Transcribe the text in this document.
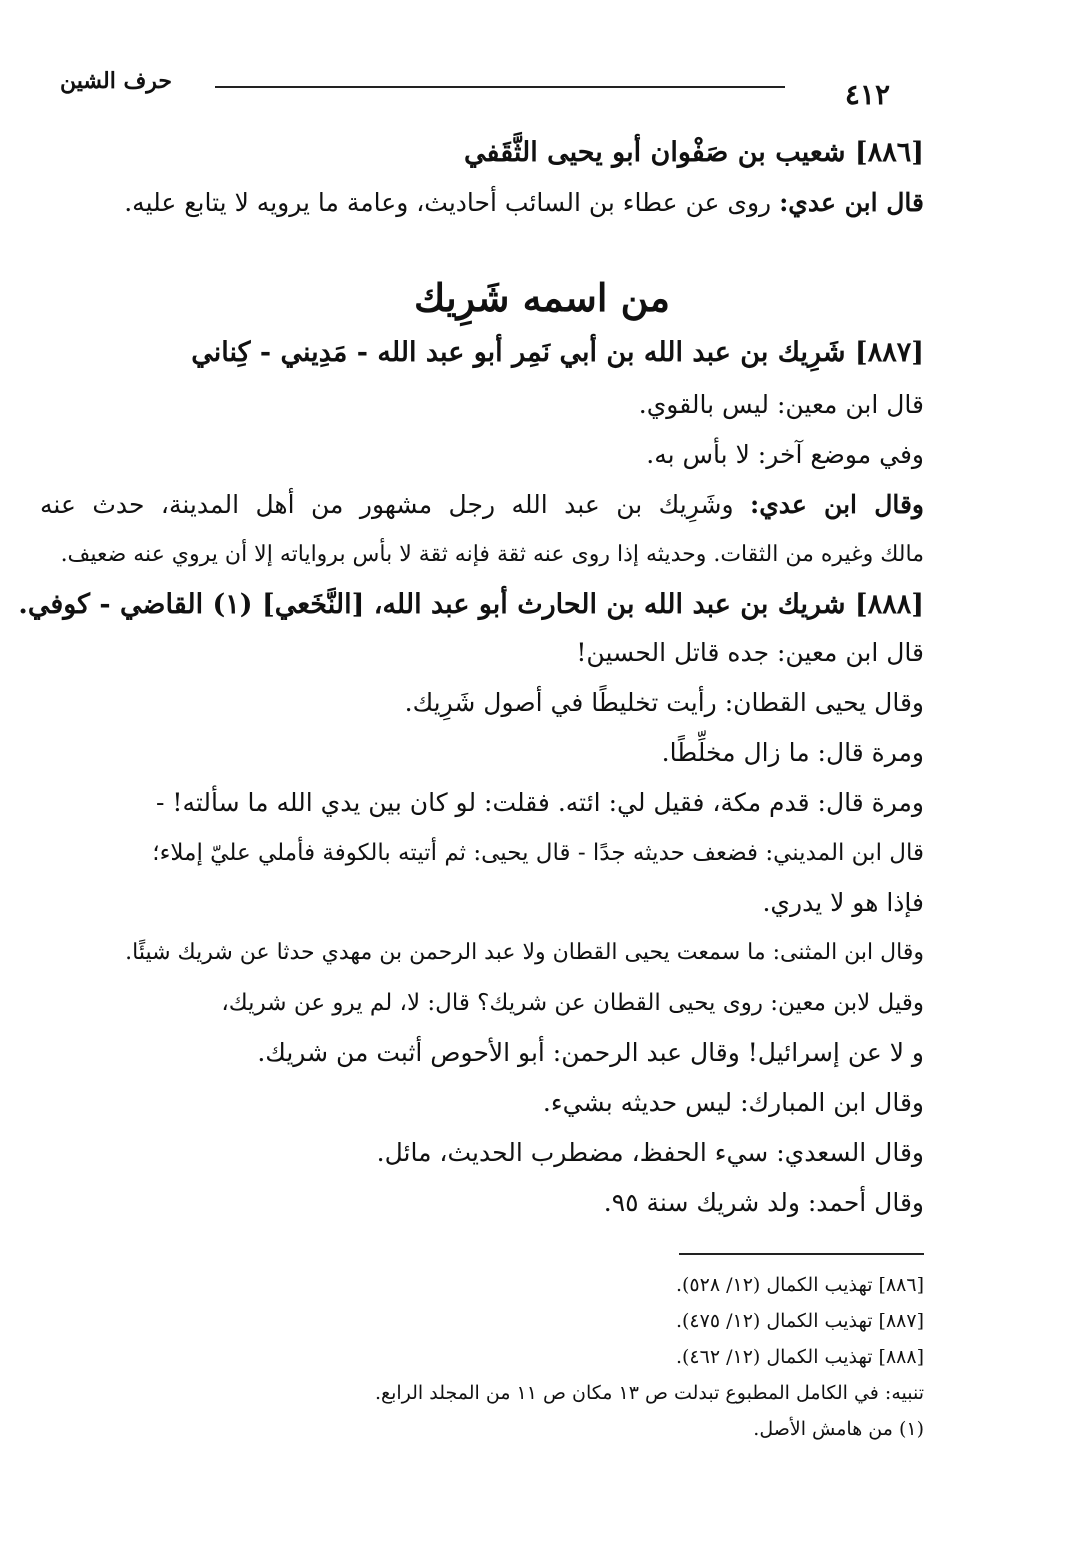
حرف الشين	٤١٢
[٨٨٦] شعيب بن صَفْوان أبو يحيى الثَّقَفي
قال ابن عدي: روى عن عطاء بن السائب أحاديث، وعامة ما يرويه لا يتابع عليه.
من اسمه شَرِيك
[٨٨٧] شَرِيك بن عبد الله بن أبي نَمِر أبو عبد الله - مَدِيني - كِناني
قال ابن معين: ليس بالقوي.
وفي موضع آخر: لا بأس به.
وقال ابن عدي: وشَرِيك بن عبد الله رجل مشهور من أهل المدينة، حدث عنه
مالك وغيره من الثقات. وحديثه إذا روى عنه ثقة فإنه ثقة لا بأس برواياته إلا أن يروي عنه ضعيف.
[٨٨٨] شريك بن عبد الله بن الحارث أبو عبد الله، [النَّخَعي] (١) القاضي - كوفي.
قال ابن معين: جده قاتل الحسين!
وقال يحيى القطان: رأيت تخليطًا في أصول شَرِيك.
ومرة قال: ما زال مخلِّطًا.
ومرة قال: قدم مكة، فقيل لي: ائته. فقلت: لو كان بين يدي الله ما سألته! -
قال ابن المديني: فضعف حديثه جدًا - قال يحيى: ثم أتيته بالكوفة فأملي عليّ إملاء؛
فإذا هو لا يدري.
وقال ابن المثنى: ما سمعت يحيى القطان ولا عبد الرحمن بن مهدي حدثا عن شريك شيئًا.
وقيل لابن معين: روى يحيى القطان عن شريك؟ قال: لا، لم يرو عن شريك،
و لا عن إسرائيل! وقال عبد الرحمن: أبو الأحوص أثبت من شريك.
وقال ابن المبارك: ليس حديثه بشيء.
وقال السعدي: سيء الحفظ، مضطرب الحديث، مائل.
وقال أحمد: ولد شريك سنة ٩٥.
[٨٨٦] تهذيب الكمال (١٢/ ٥٢٨).
[٨٨٧] تهذيب الكمال (١٢/ ٤٧٥).
[٨٨٨] تهذيب الكمال (١٢/ ٤٦٢).
تنبيه: في الكامل المطبوع تبدلت ص ١٣ مكان ص ١١ من المجلد الرابع.
(١) من هامش الأصل.
